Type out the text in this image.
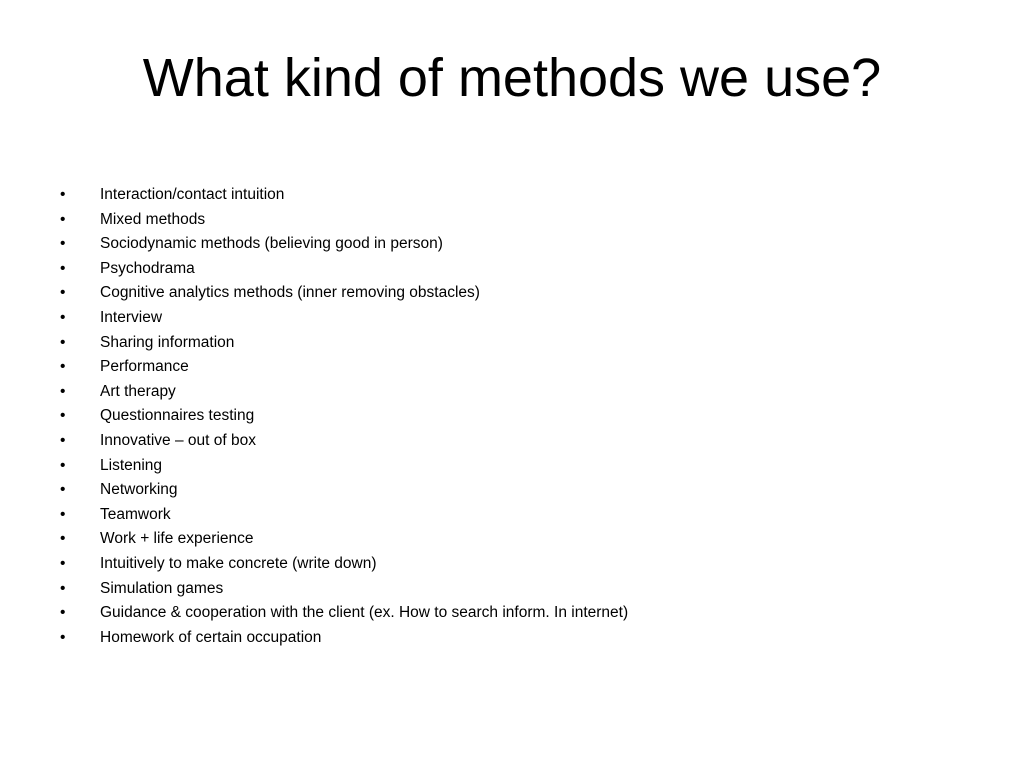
What kind of methods we use?
•	Interaction/contact intuition
•	Mixed methods
•	Sociodynamic methods (believing good in person)
•	Psychodrama
•	Cognitive analytics methods (inner removing obstacles)
•	Interview
•	Sharing information
•	Performance
•	Art therapy
•	Questionnaires testing
•	Innovative – out of box
•	Listening
•	Networking
•	Teamwork
•	Work + life experience
•	Intuitively to make concrete (write down)
•	Simulation games
•	Guidance & cooperation with the client (ex. How to search inform. In internet)
•	Homework of certain occupation
